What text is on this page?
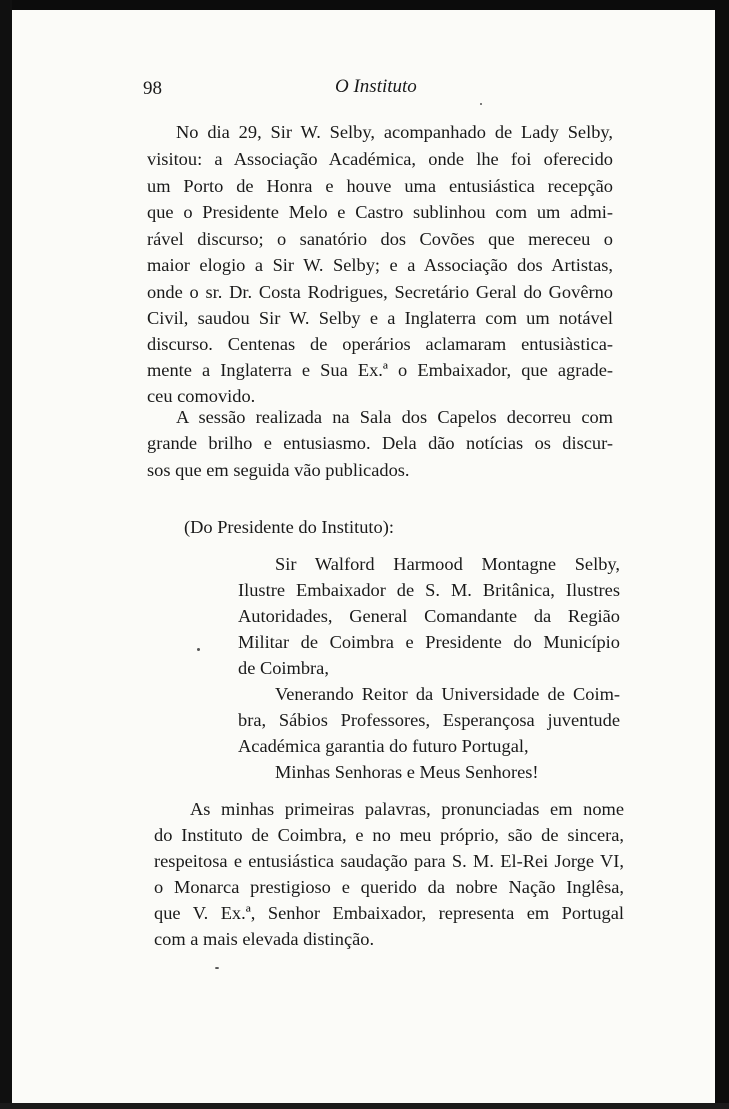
98	O Instituto
No dia 29, Sir W. Selby, acompanhado de Lady Selby,
visitou: a Associação Académica, onde lhe foi oferecido
um Porto de Honra e houve uma entusiástica recepção
que o Presidente Melo e Castro sublinhou com um admi-
rável discurso; o sanatório dos Covões que mereceu o
maior elogio a Sir W. Selby; e a Associação dos Artistas,
onde o sr. Dr. Costa Rodrigues, Secretário Geral do Govêrno
Civil, saudou Sir W. Selby e a Inglaterra com um notável
discurso. Centenas de operários aclamaram entusiàstica-
mente a Inglaterra e Sua Ex.ª o Embaixador, que agrade-
ceu comovido.
A sessão realizada na Sala dos Capelos decorreu com
grande brilho e entusiasmo. Dela dão notícias os discur-
sos que em seguida vão publicados.
(Do Presidente do Instituto):
Sir Walford Harmood Montagne Selby,
Ilustre Embaixador de S. M. Britânica, Ilustres
Autoridades, General Comandante da Região
Militar de Coimbra e Presidente do Município
de Coimbra,
Venerando Reitor da Universidade de Coim-
bra, Sábios Professores, Esperançosa juventude
Académica garantia do futuro Portugal,
Minhas Senhoras e Meus Senhores!
As minhas primeiras palavras, pronunciadas em nome
do Instituto de Coimbra, e no meu próprio, são de sincera,
respeitosa e entusiástica saudação para S. M. El-Rei Jorge VI,
o Monarca prestigioso e querido da nobre Nação Inglêsa,
que V. Ex.ª, Senhor Embaixador, representa em Portugal
com a mais elevada distinção.
